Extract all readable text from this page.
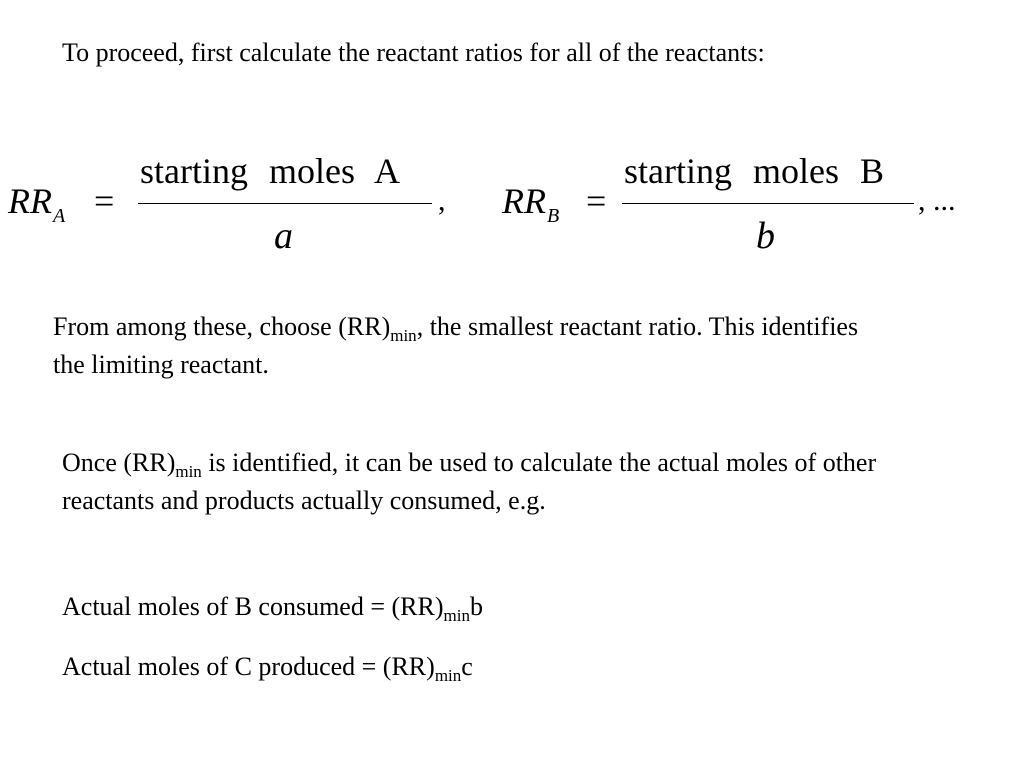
To proceed, first calculate the reactant ratios for all of the reactants:

$RR_A$ =
starting moles A
a
, $RR_B$ =
starting moles B
b
, ...

From among these, choose $(RR)_{min}$, the smallest reactant ratio. This identifies the limiting reactant.

Once $(RR)_{min}$ is identified, it can be used to calculate the actual moles of other reactants and products actually consumed, e.g.

Actual moles of B consumed = $(RR)_{min}b$

Actual moles of C produced = $(RR)_{min}c$
